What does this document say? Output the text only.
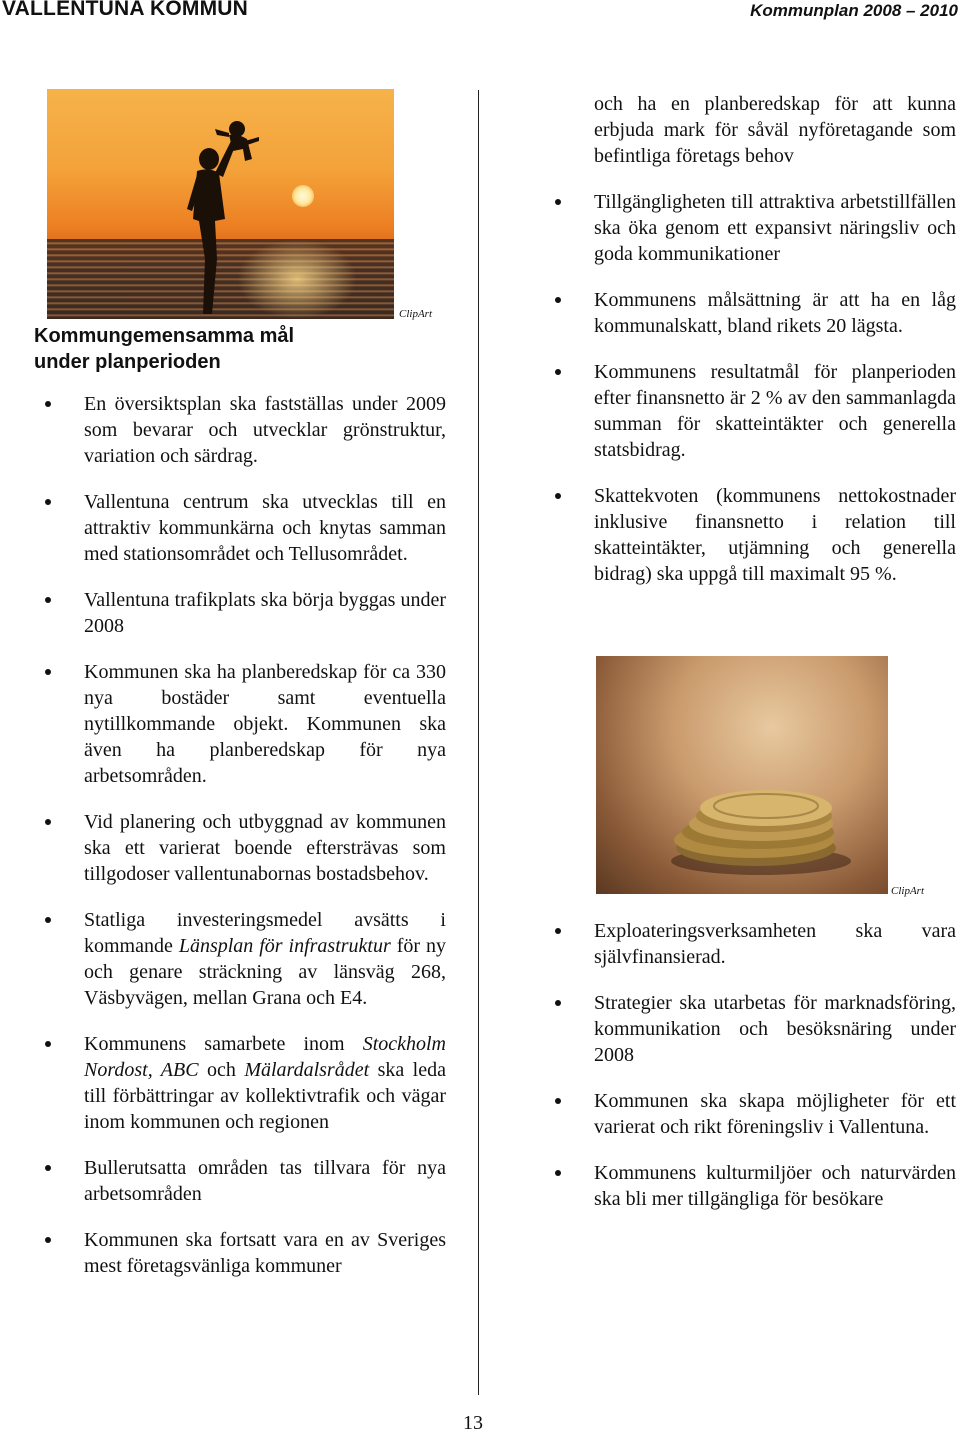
VALLENTUNA KOMMUN	Kommunplan 2008 – 2010
ClipArt
Kommungemensamma mål
under planperioden
En översiktsplan ska fastställas under 2009 som bevarar och utvecklar grönstruktur, variation och särdrag.
Vallentuna centrum ska utvecklas till en attraktiv kommunkärna och knytas samman med stationsområdet och Tellusområdet.
Vallentuna trafikplats ska börja byggas under 2008
Kommunen ska ha planberedskap för ca 330 nya bostäder samt eventuella nytillkommande objekt. Kommunen ska även ha planberedskap för nya arbetsområden.
Vid planering och utbyggnad av kommunen ska ett varierat boende eftersträvas som tillgodoser vallentunabornas bostadsbehov.
Statliga investeringsmedel avsätts i kommande Länsplan för infrastruktur för ny och genare sträckning av länsväg 268, Väsbyvägen, mellan Grana och E4.
Kommunens samarbete inom Stockholm Nordost, ABC och Mälardalsrådet ska leda till förbättringar av kollektivtrafik och vägar inom kommunen och regionen
Bullerutsatta områden tas tillvara för nya arbetsområden
Kommunen ska fortsatt vara en av Sveriges mest företagsvänliga kommuner
och ha en planberedskap för att kunna erbjuda mark för såväl nyföretagande som befintliga företags behov
Tillgängligheten till attraktiva arbetstillfällen ska öka genom ett expansivt näringsliv och goda kommunikationer
Kommunens målsättning är att ha en låg kommunalskatt, bland rikets 20 lägsta.
Kommunens resultatmål för planperioden efter finansnetto är 2 % av den sammanlagda summan för skatteintäkter och generella statsbidrag.
Skattekvoten (kommunens nettokostnader inklusive finansnetto i relation till skatteintäkter, utjämning och generella bidrag) ska uppgå till maximalt 95 %.
ClipArt
Exploateringsverksamheten ska vara självfinansierad.
Strategier ska utarbetas för marknadsföring, kommunikation och besöksnäring under 2008
Kommunen ska skapa möjligheter för ett varierat och rikt föreningsliv i Vallentuna.
Kommunens kulturmiljöer och naturvärden ska bli mer tillgängliga för besökare
13
